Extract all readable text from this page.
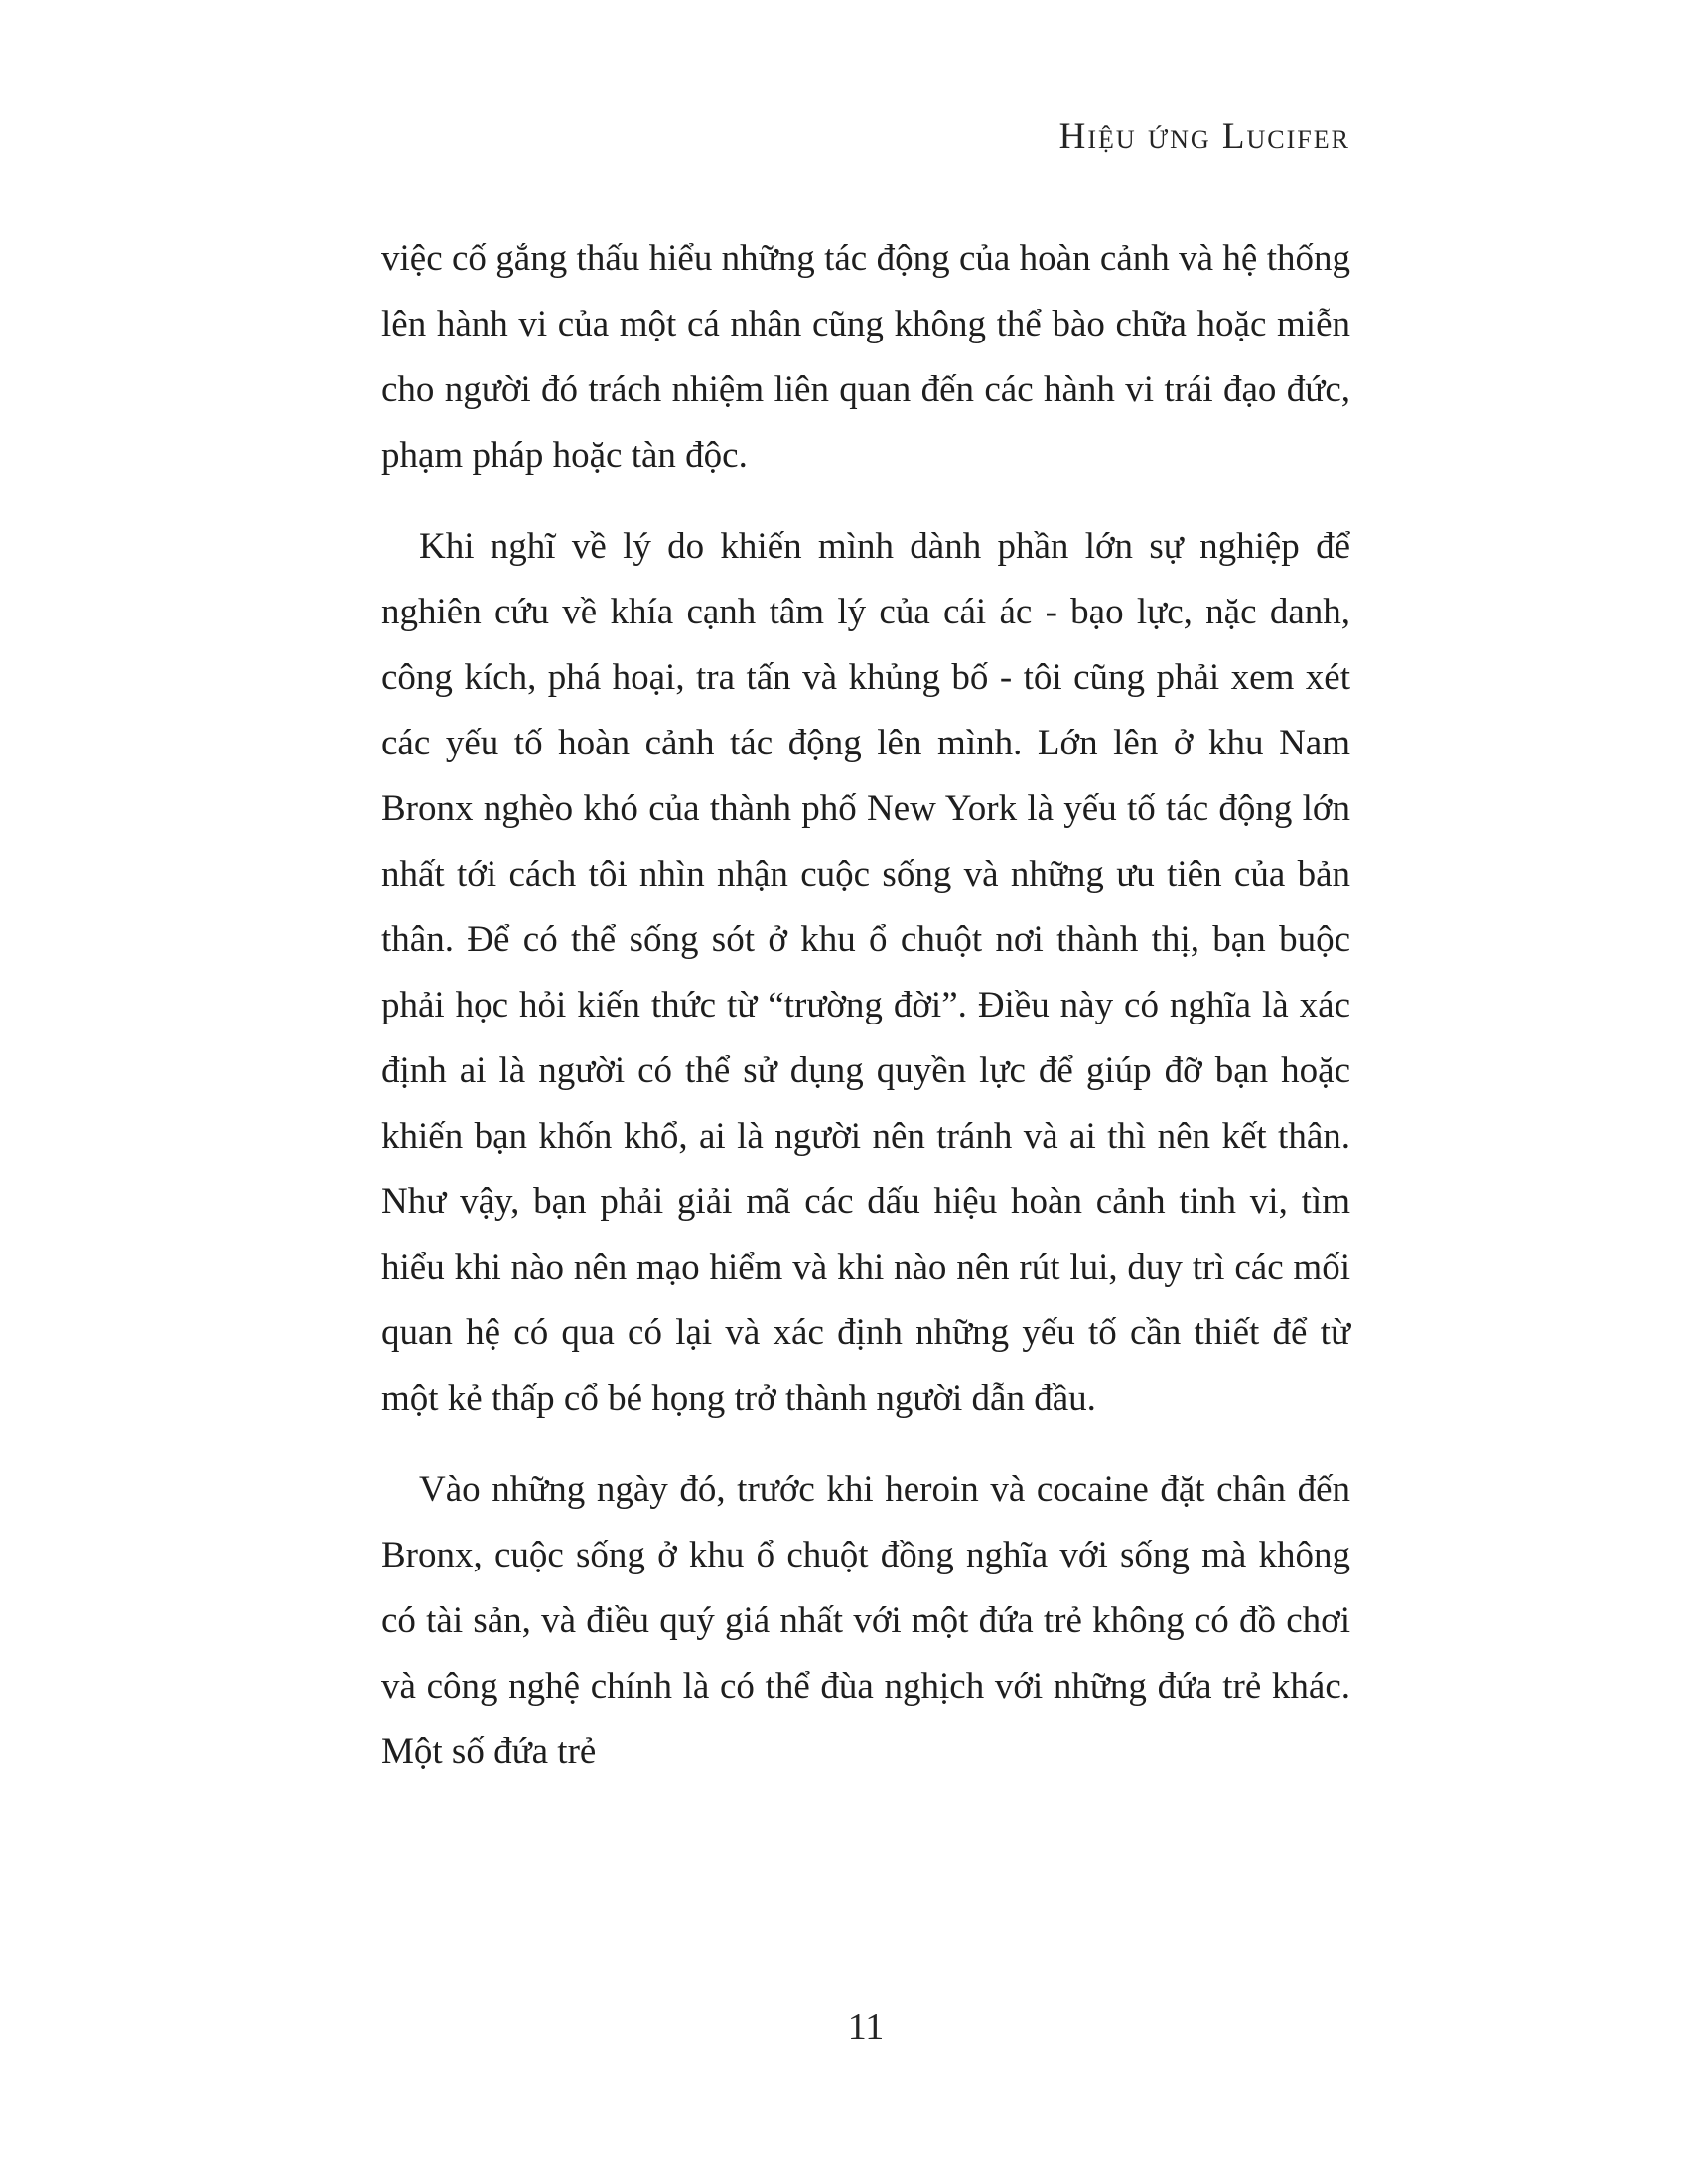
Hiệu ứng Lucifer

việc cố gắng thấu hiểu những tác động của hoàn cảnh và hệ thống lên hành vi của một cá nhân cũng không thể bào chữa hoặc miễn cho người đó trách nhiệm liên quan đến các hành vi trái đạo đức, phạm pháp hoặc tàn độc.

Khi nghĩ về lý do khiến mình dành phần lớn sự nghiệp để nghiên cứu về khía cạnh tâm lý của cái ác - bạo lực, nặc danh, công kích, phá hoại, tra tấn và khủng bố - tôi cũng phải xem xét các yếu tố hoàn cảnh tác động lên mình. Lớn lên ở khu Nam Bronx nghèo khó của thành phố New York là yếu tố tác động lớn nhất tới cách tôi nhìn nhận cuộc sống và những ưu tiên của bản thân. Để có thể sống sót ở khu ổ chuột nơi thành thị, bạn buộc phải học hỏi kiến thức từ “trường đời”. Điều này có nghĩa là xác định ai là người có thể sử dụng quyền lực để giúp đỡ bạn hoặc khiến bạn khốn khổ, ai là người nên tránh và ai thì nên kết thân. Như vậy, bạn phải giải mã các dấu hiệu hoàn cảnh tinh vi, tìm hiểu khi nào nên mạo hiểm và khi nào nên rút lui, duy trì các mối quan hệ có qua có lại và xác định những yếu tố cần thiết để từ một kẻ thấp cổ bé họng trở thành người dẫn đầu.

Vào những ngày đó, trước khi heroin và cocaine đặt chân đến Bronx, cuộc sống ở khu ổ chuột đồng nghĩa với sống mà không có tài sản, và điều quý giá nhất với một đứa trẻ không có đồ chơi và công nghệ chính là có thể đùa nghịch với những đứa trẻ khác. Một số đứa trẻ

11
